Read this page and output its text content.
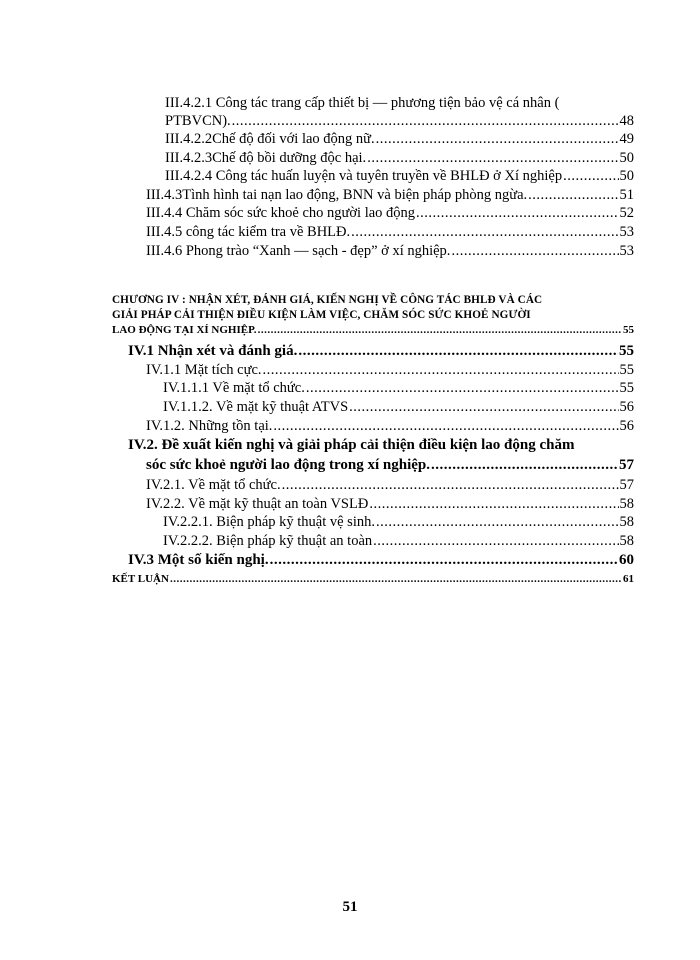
III.4.2.1 Công tác trang cấp thiết bị — phương tiện bảo vệ cá nhân (
PTBVCN). .....	48
III.4.2.2Chế độ đối với lao động nữ. .....	49
III.4.2.3Chế độ bồi dưỡng độc hại. .....	50
III.4.2.4 Công tác huấn luyện và tuyên truyền về BHLĐ ở Xí nghiệp .....	50
III.4.3Tình hình tai nạn lao động, BNN và biện pháp phòng ngừa. .....	51
III.4.4 Chăm sóc sức khoẻ cho người lao động .....	52
III.4.5 công tác kiểm tra về BHLĐ. .....	53
III.4.6 Phong trào “Xanh — sạch - đẹp” ở xí nghiệp. .....	53
CHƯƠNG IV : NHẬN XÉT, ĐÁNH GIÁ, KIẾN NGHỊ VỀ CÔNG TÁC BHLĐ VÀ CÁC
GIẢI PHÁP CẢI THIỆN ĐIỀU KIỆN LÀM VIỆC, CHĂM SÓC SỨC KHOẺ NGƯỜI
LAO ĐỘNG TẠI XÍ NGHIỆP. .....	55
IV.1 Nhận xét và đánh giá. .....	55
IV.1.1 Mặt tích cực. .....	55
IV.1.1.1 Về mặt tổ chức. .....	55
IV.1.1.2. Về mặt kỹ thuật ATVS .....	56
IV.1.2. Những tồn tại. .....	56
IV.2. Đề xuất kiến nghị và giải pháp cải thiện điều kiện lao động chăm
sóc sức khoẻ người lao động trong xí nghiệp. .....	57
IV.2.1. Về mặt tổ chức. .....	57
IV.2.2. Về mặt kỹ thuật an toàn VSLĐ .....	58
IV.2.2.1. Biện pháp kỹ thuật vệ sinh. .....	58
IV.2.2.2. Biện pháp kỹ thuật an toàn .....	58
IV.3 Một số kiến nghị. .....	60
KẾT LUẬN .....	61
51
